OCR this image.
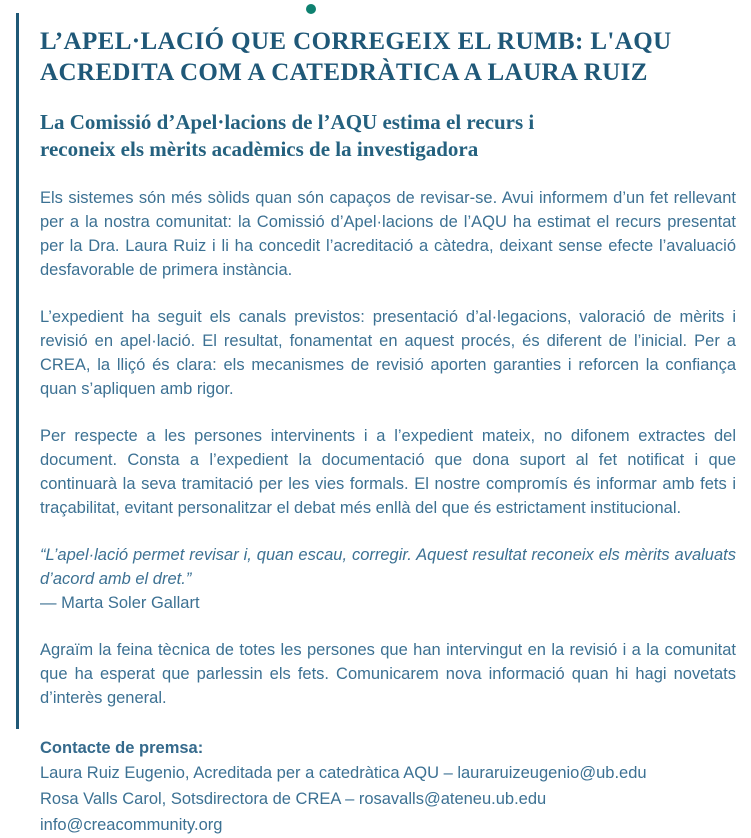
L’APEL·LACIÓ QUE CORREGEIX EL RUMB: L'AQU
ACREDITA COM A CATEDRÀTICA A LAURA RUIZ
La Comissió d’Apel·lacions de l’AQU estima el recurs i
reconeix els mèrits acadèmics de la investigadora

Els sistemes són més sòlids quan són capaços de revisar-se. Avui informem d’un fet rellevant per a la nostra comunitat: la Comissió d’Apel·lacions de l’AQU ha estimat el recurs presentat per la Dra. Laura Ruiz i li ha concedit l’acreditació a càtedra, deixant sense efecte l’avaluació desfavorable de primera instància.

L’expedient ha seguit els canals previstos: presentació d’al·legacions, valoració de mèrits i revisió en apel·lació. El resultat, fonamentat en aquest procés, és diferent de l’inicial. Per a CREA, la lliçó és clara: els mecanismes de revisió aporten garanties i reforcen la confiança quan s’apliquen amb rigor.

Per respecte a les persones intervinents i a l’expedient mateix, no difonem extractes del document. Consta a l’expedient la documentació que dona suport al fet notificat i que continuarà la seva tramitació per les vies formals. El nostre compromís és informar amb fets i traçabilitat, evitant personalitzar el debat més enllà del que és estrictament institucional.

“L’apel·lació permet revisar i, quan escau, corregir. Aquest resultat reconeix els mèrits avaluats d’acord amb el dret.”

— Marta Soler Gallart

Agraïm la feina tècnica de totes les persones que han intervingut en la revisió i a la comunitat que ha esperat que parlessin els fets. Comunicarem nova informació quan hi hagi novetats d’interès general.

Contacte de premsa:

Laura Ruiz Eugenio, Acreditada per a catedràtica AQU – lauraruizeugenio@ub.edu

Rosa Valls Carol, Sotsdirectora de CREA – rosavalls@ateneu.ub.edu

info@creacommunity.org
